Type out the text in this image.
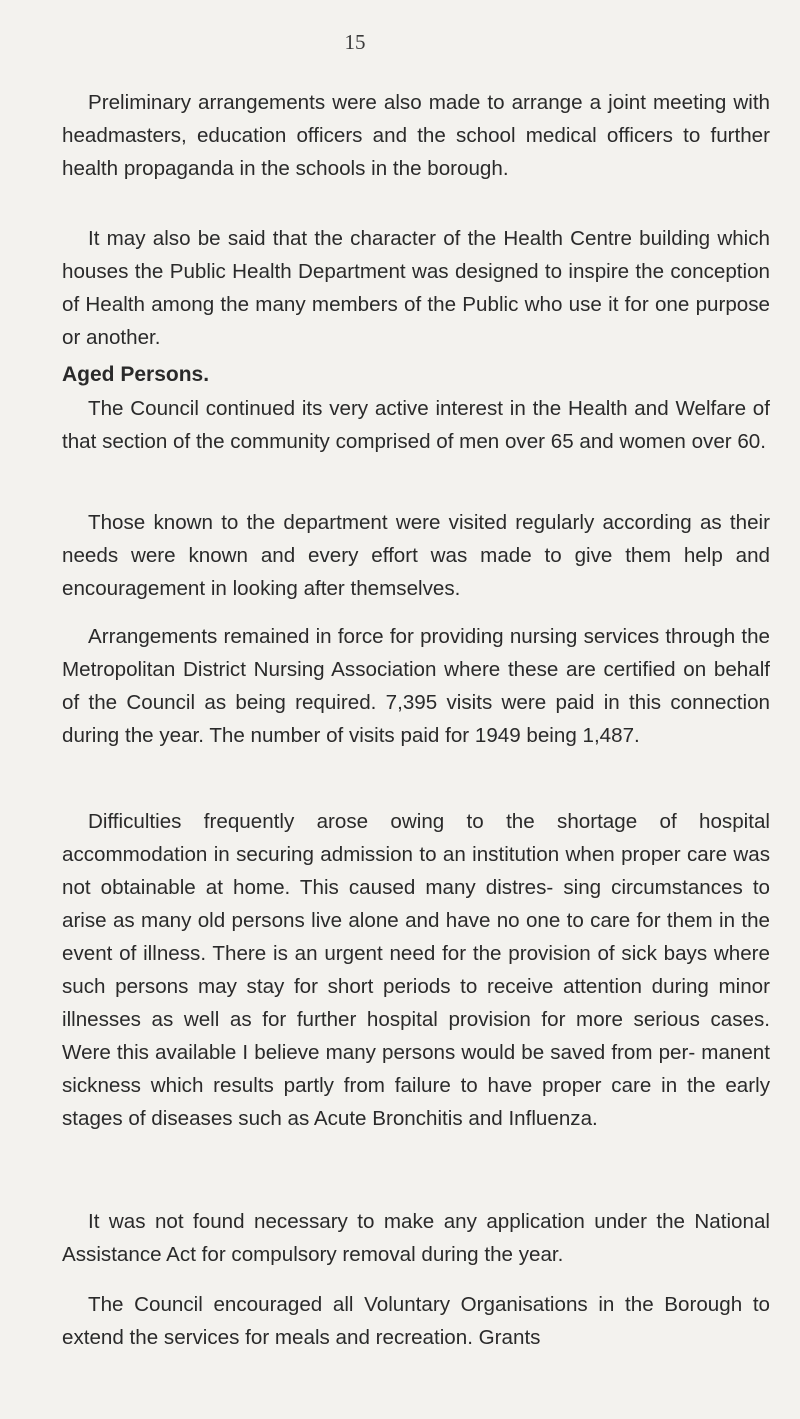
15

Preliminary arrangements were also made to arrange a joint meeting with headmasters, education officers and the school medical officers to further health propaganda in the schools in the borough.

It may also be said that the character of the Health Centre building which houses the Public Health Department was designed to inspire the conception of Health among the many members of the Public who use it for one purpose or another.

Aged Persons.

The Council continued its very active interest in the Health and Welfare of that section of the community comprised of men over 65 and women over 60.

Those known to the department were visited regularly according as their needs were known and every effort was made to give them help and encouragement in looking after themselves.

Arrangements remained in force for providing nursing services through the Metropolitan District Nursing Association where these are certified on behalf of the Council as being required. 7,395 visits were paid in this connection during the year. The number of visits paid for 1949 being 1,487.

Difficulties frequently arose owing to the shortage of hospital accommodation in securing admission to an institution when proper care was not obtainable at home. This caused many distres- sing circumstances to arise as many old persons live alone and have no one to care for them in the event of illness. There is an urgent need for the provision of sick bays where such persons may stay for short periods to receive attention during minor illnesses as well as for further hospital provision for more serious cases. Were this available I believe many persons would be saved from per- manent sickness which results partly from failure to have proper care in the early stages of diseases such as Acute Bronchitis and Influenza.

It was not found necessary to make any application under the National Assistance Act for compulsory removal during the year.

The Council encouraged all Voluntary Organisations in the Borough to extend the services for meals and recreation. Grants
